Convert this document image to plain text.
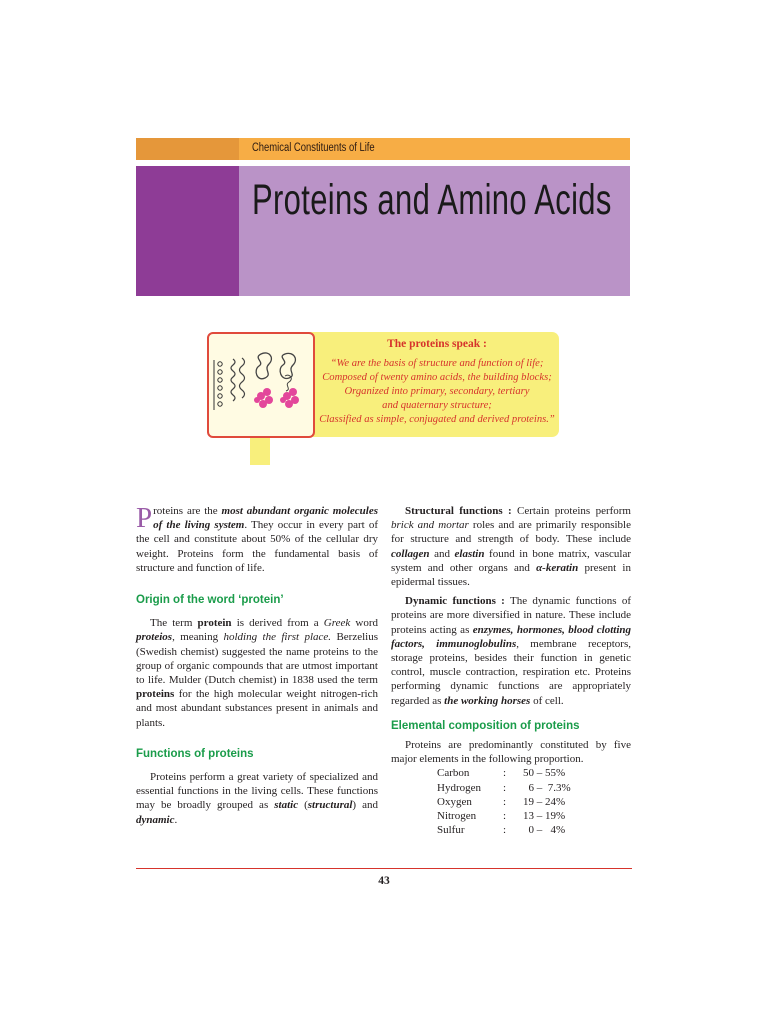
Chemical Constituents of Life
Proteins and Amino Acids
The proteins speak :
“We are the basis of structure and function of life;
Composed of twenty amino acids, the building blocks;
Organized into primary, secondary, tertiary
and quaternary structure;
Classified as simple, conjugated and derived proteins.”

Proteins are the most abundant organic molecules of the living system. They occur in every part of the cell and constitute about 50% of the cellular dry weight. Proteins form the fundamental basis of structure and function of life.

Origin of the word ‘protein’

The term protein is derived from a Greek word proteios, meaning holding the first place. Berzelius (Swedish chemist) suggested the name proteins to the group of organic compounds that are utmost important to life. Mulder (Dutch chemist) in 1838 used the term proteins for the high molecular weight nitrogen-rich and most abundant substances present in animals and plants.

Functions of proteins

Proteins perform a great variety of specialized and essential functions in the living cells. These functions may be broadly grouped as static (structural) and dynamic.

Structural functions : Certain proteins perform brick and mortar roles and are primarily responsible for structure and strength of body. These include collagen and elastin found in bone matrix, vascular system and other organs and α-keratin present in epidermal tissues.

Dynamic functions : The dynamic functions of proteins are more diversified in nature. These include proteins acting as enzymes, hormones, blood clotting factors, immunoglobulins, membrane receptors, storage proteins, besides their function in genetic control, muscle contraction, respiration etc. Proteins performing dynamic functions are appropriately regarded as the working horses of cell.

Elemental composition of proteins

Proteins are predominantly constituted by five major elements in the following proportion.

Carbon	:	50 – 55%
Hydrogen	:	6 –  7.3%
Oxygen	:	19 – 24%
Nitrogen	:	13 – 19%
Sulfur	:	0 –   4%
43
